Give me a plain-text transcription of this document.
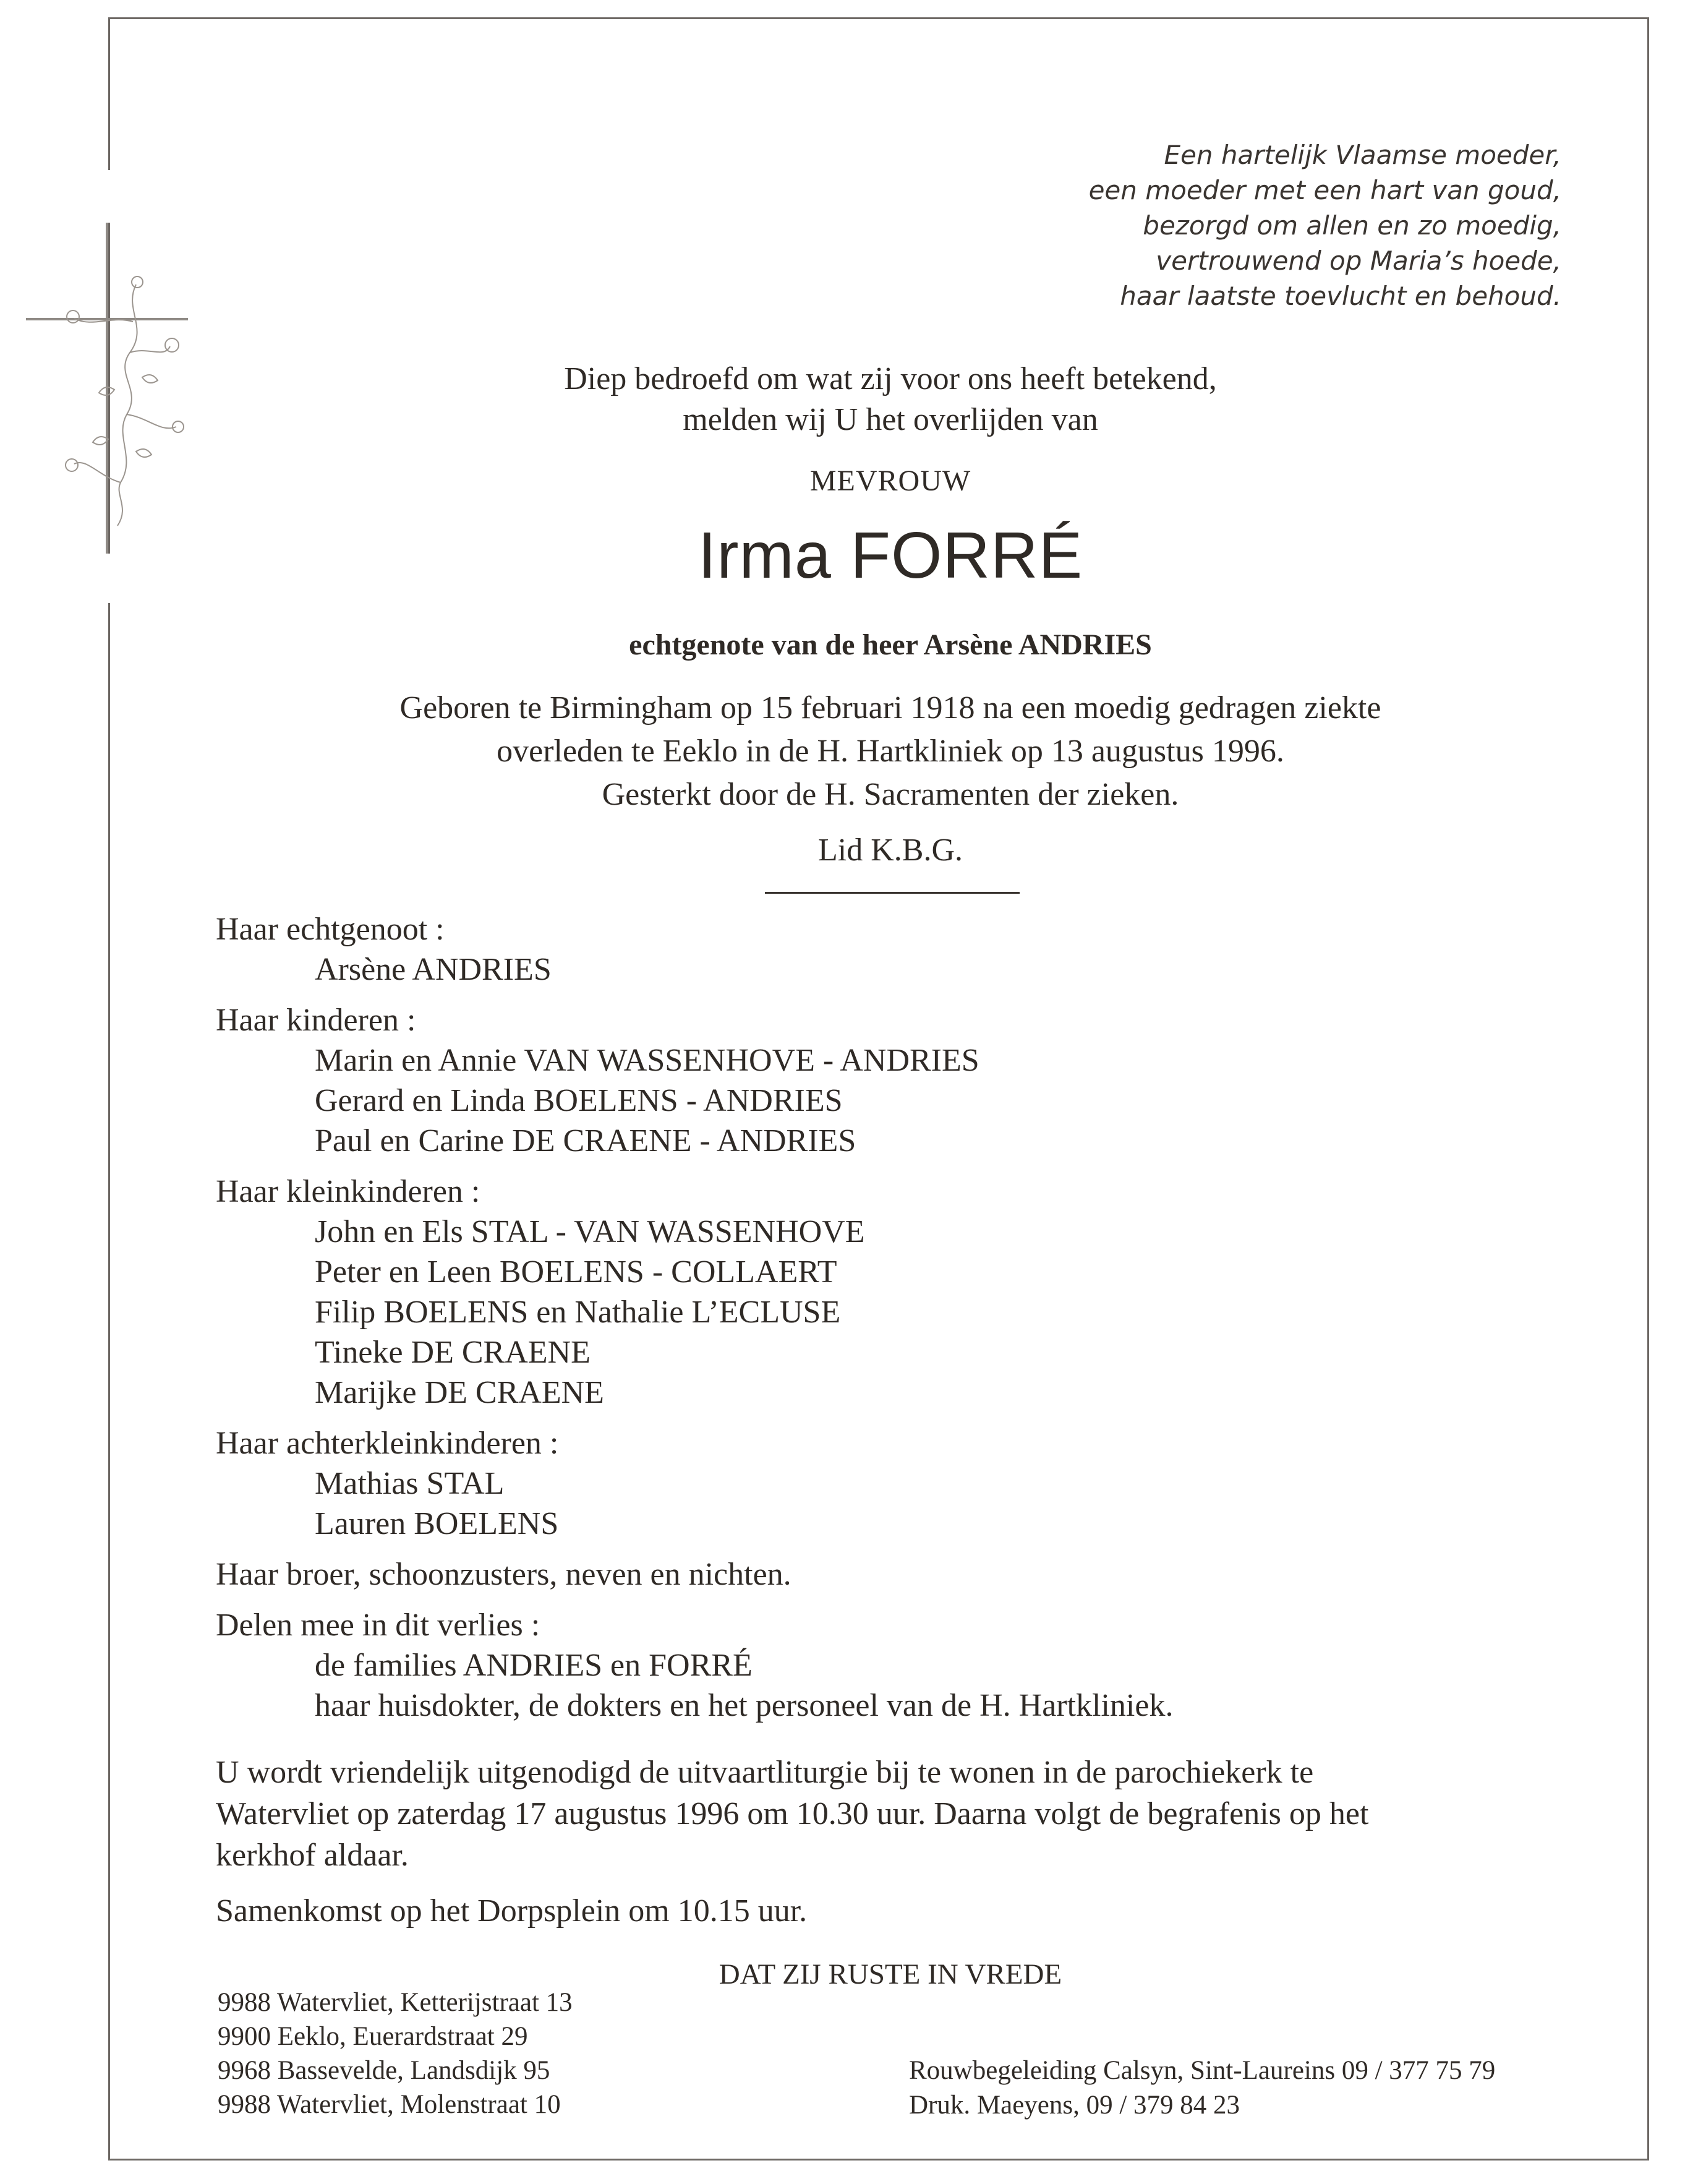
Een hartelijk Vlaamse moeder,
een moeder met een hart van goud,
bezorgd om allen en zo moedig,
vertrouwend op Maria’s hoede,
haar laatste toevlucht en behoud.
Diep bedroefd om wat zij voor ons heeft betekend,
melden wij U het overlijden van
MEVROUW
Irma FORRÉ
echtgenote van de heer Arsène ANDRIES
Geboren te Birmingham op 15 februari 1918 na een moedig gedragen ziekte
overleden te Eeklo in de H. Hartkliniek op 13 augustus 1996.
Gesterkt door de H. Sacramenten der zieken.
Lid K.B.G.
Haar echtgenoot :
Arsène ANDRIES
Haar kinderen :
Marin en Annie VAN WASSENHOVE - ANDRIES
Gerard en Linda BOELENS - ANDRIES
Paul en Carine DE CRAENE - ANDRIES
Haar kleinkinderen :
John en Els STAL - VAN WASSENHOVE
Peter en Leen BOELENS - COLLAERT
Filip BOELENS en Nathalie L’ECLUSE
Tineke DE CRAENE
Marijke DE CRAENE
Haar achterkleinkinderen :
Mathias STAL
Lauren BOELENS
Haar broer, schoonzusters, neven en nichten.
Delen mee in dit verlies :
de families ANDRIES en FORRÉ
haar huisdokter, de dokters en het personeel van de H. Hartkliniek.
U wordt vriendelijk uitgenodigd de uitvaartliturgie bij te wonen in de parochiekerk te
Watervliet op zaterdag 17 augustus 1996 om 10.30 uur. Daarna volgt de begrafenis op het
kerkhof aldaar.
Samenkomst op het Dorpsplein om 10.15 uur.
DAT ZIJ RUSTE IN VREDE
9988 Watervliet, Ketterijstraat 13
9900 Eeklo, Euerardstraat 29
9968 Bassevelde, Landsdijk 95
9988 Watervliet, Molenstraat 10
Rouwbegeleiding Calsyn, Sint-Laureins 09 / 377 75 79
Druk. Maeyens, 09 / 379 84 23
